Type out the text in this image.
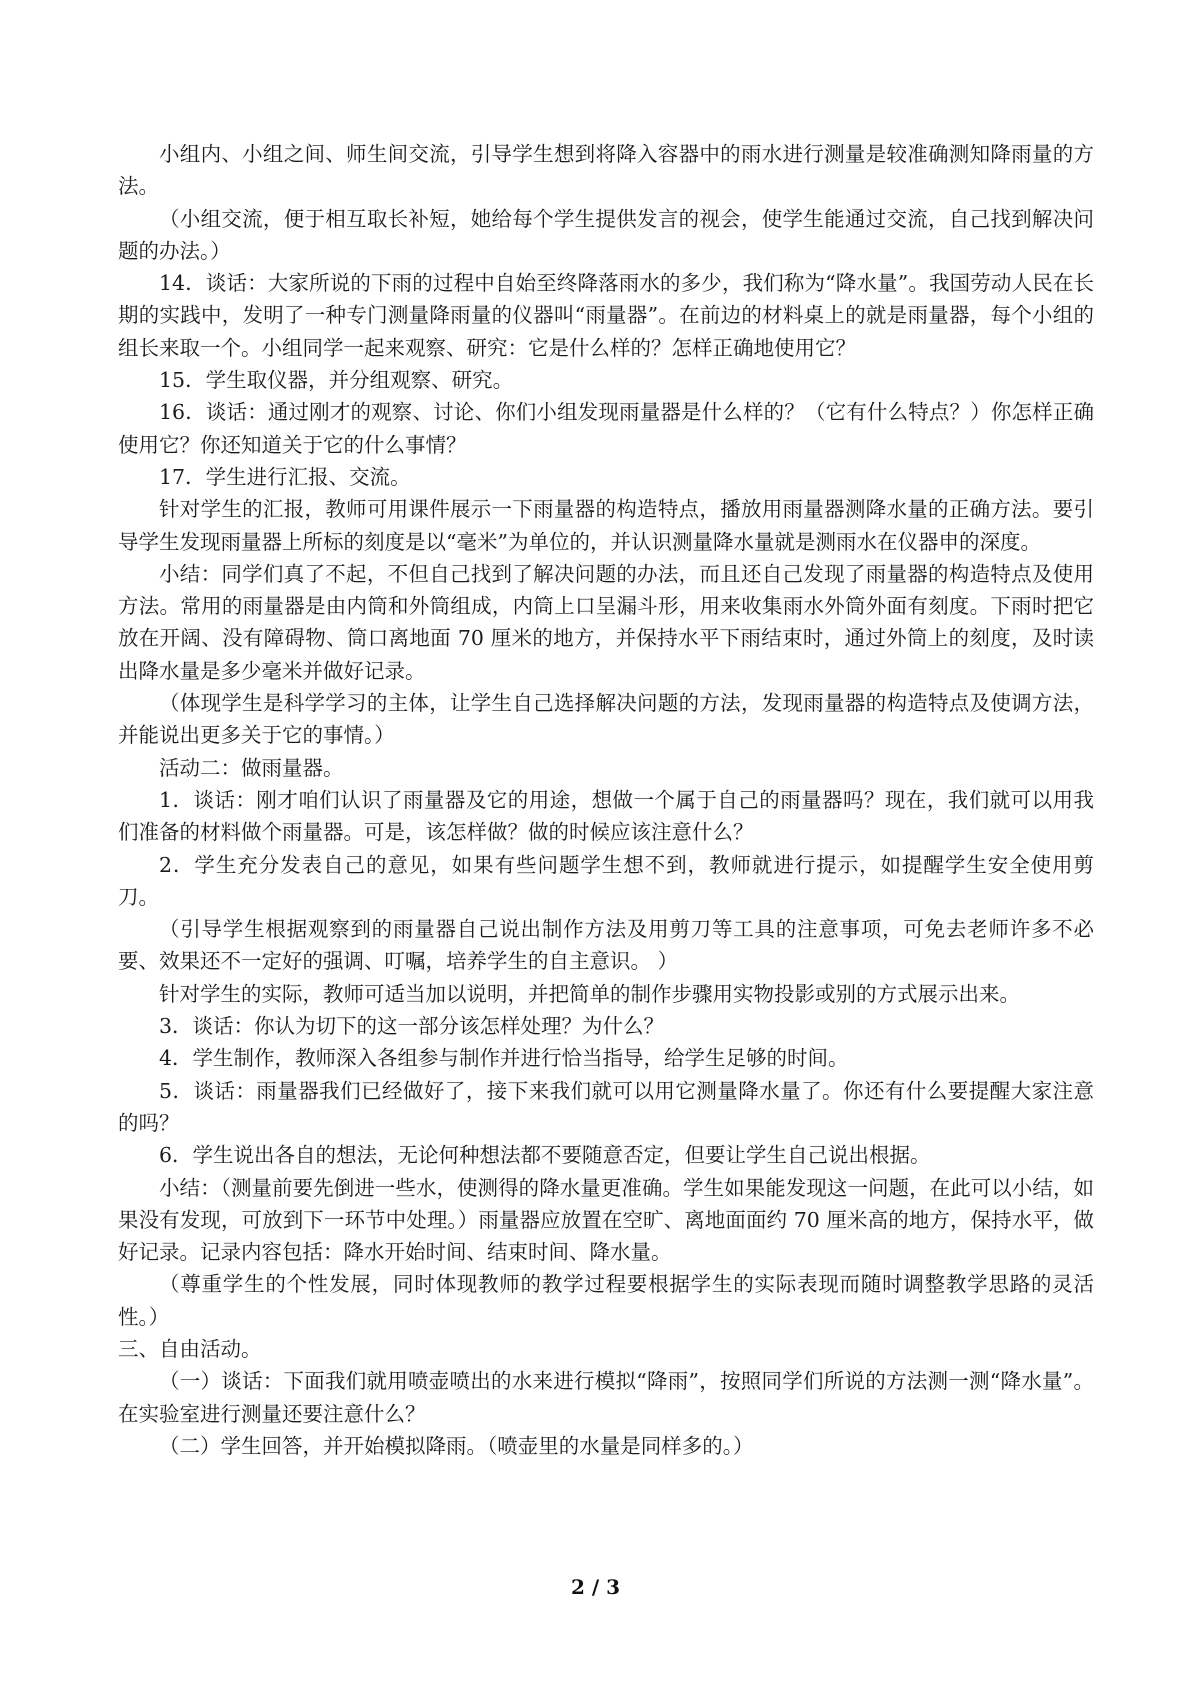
小组内、小组之间、师生间交流，引导学生想到将降入容器中的雨水进行测量是较准确测知降雨量的方法。

（小组交流，便于相互取长补短，她给每个学生提供发言的视会，使学生能通过交流，自己找到解决问题的办法。）

14．谈话：大家所说的下雨的过程中自始至终降落雨水的多少，我们称为“降水量”。我国劳动人民在长期的实践中，发明了一种专门测量降雨量的仪器叫“雨量器”。在前边的材料桌上的就是雨量器，每个小组的组长来取一个。小组同学一起来观察、研究：它是什么样的？怎样正确地使用它？

15．学生取仪器，并分组观察、研究。

16．谈话：通过刚才的观察、讨论、你们小组发现雨量器是什么样的？（它有什么特点？）你怎样正确使用它？你还知道关于它的什么事情？

17．学生进行汇报、交流。

针对学生的汇报，教师可用课件展示一下雨量器的构造特点，播放用雨量器测降水量的正确方法。要引导学生发现雨量器上所标的刻度是以“毫米”为单位的，并认识测量降水量就是测雨水在仪器申的深度。

小结：同学们真了不起，不但自己找到了解决问题的办法，而且还自己发现了雨量器的构造特点及使用方法。常用的雨量器是由内筒和外筒组成，内筒上口呈漏斗形，用来收集雨水外筒外面有刻度。下雨时把它放在开阔、没有障碍物、筒口离地面 70 厘米的地方，并保持水平下雨结束时，通过外筒上的刻度，及时读出降水量是多少毫米并做好记录。

（体现学生是科学学习的主体，让学生自己选择解决问题的方法，发现雨量器的构造特点及使调方法，并能说出更多关于它的事情。）

活动二：做雨量器。

1．谈话：刚才咱们认识了雨量器及它的用途，想做一个属于自己的雨量器吗？现在，我们就可以用我们准备的材料做个雨量器。可是，该怎样做？做的时候应该注意什么？

2．学生充分发表自己的意见，如果有些问题学生想不到，教师就进行提示，如提醒学生安全使用剪刀。

（引导学生根据观察到的雨量器自己说出制作方法及用剪刀等工具的注意事项，可免去老师许多不必要、效果还不一定好的强调、叮嘱，培养学生的自主意识。 ）

针对学生的实际，教师可适当加以说明，并把简单的制作步骤用实物投影或别的方式展示出来。

3．谈话：你认为切下的这一部分该怎样处理？为什么？

4．学生制作，教师深入各组参与制作并进行恰当指导，给学生足够的时间。

5．谈话：雨量器我们已经做好了，接下来我们就可以用它测量降水量了。你还有什么要提醒大家注意的吗？

6．学生说出各自的想法，无论何种想法都不要随意否定，但要让学生自己说出根据。

小结：（测量前要先倒进一些水，使测得的降水量更准确。学生如果能发现这一问题，在此可以小结，如果没有发现，可放到下一环节中处理。）雨量器应放置在空旷、离地面面约 70 厘米高的地方，保持水平，做好记录。记录内容包括：降水开始时间、结束时间、降水量。

（尊重学生的个性发展，同时体现教师的教学过程要根据学生的实际表现而随时调整教学思路的灵活性。）

三、自由活动。

（一）谈话：下面我们就用喷壶喷出的水来进行模拟“降雨”，按照同学们所说的方法测一测“降水量”。在实验室进行测量还要注意什么？

（二）学生回答，并开始模拟降雨。（喷壶里的水量是同样多的。）

2 / 3
